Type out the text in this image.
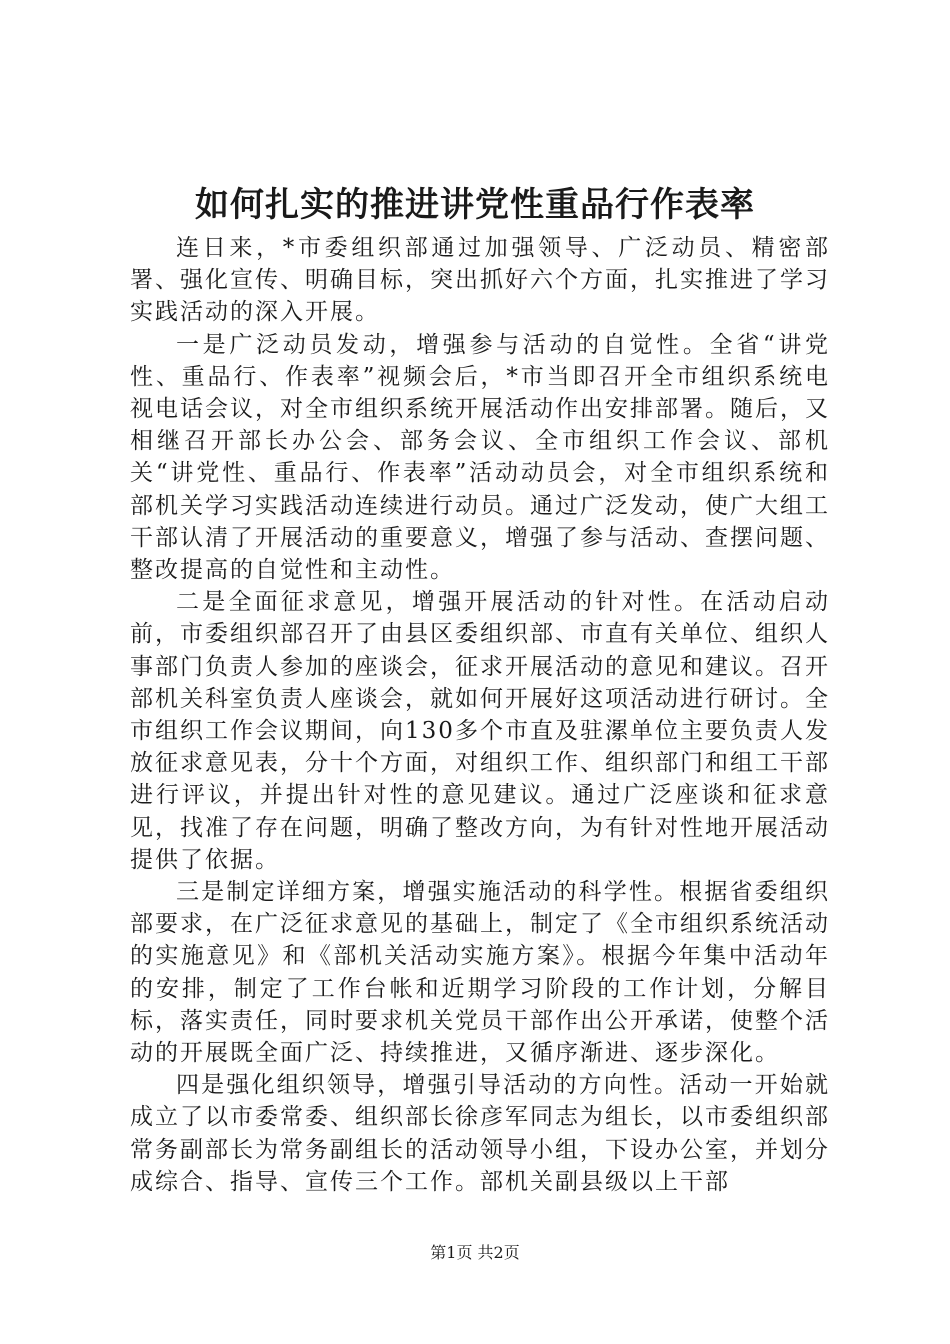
如何扎实的推进讲党性重品行作表率

连日来，*市委组织部通过加强领导、广泛动员、精密部署、强化宣传、明确目标，突出抓好六个方面，扎实推进了学习实践活动的深入开展。

一是广泛动员发动，增强参与活动的自觉性。全省“讲党性、重品行、作表率”视频会后，*市当即召开全市组织系统电视电话会议，对全市组织系统开展活动作出安排部署。随后，又相继召开部长办公会、部务会议、全市组织工作会议、部机关“讲党性、重品行、作表率”活动动员会，对全市组织系统和部机关学习实践活动连续进行动员。通过广泛发动，使广大组工干部认清了开展活动的重要意义，增强了参与活动、查摆问题、整改提高的自觉性和主动性。

二是全面征求意见，增强开展活动的针对性。在活动启动前，市委组织部召开了由县区委组织部、市直有关单位、组织人事部门负责人参加的座谈会，征求开展活动的意见和建议。召开部机关科室负责人座谈会，就如何开展好这项活动进行研讨。全市组织工作会议期间，向130多个市直及驻漯单位主要负责人发放征求意见表，分十个方面，对组织工作、组织部门和组工干部进行评议，并提出针对性的意见建议。通过广泛座谈和征求意见，找准了存在问题，明确了整改方向，为有针对性地开展活动提供了依据。

三是制定详细方案，增强实施活动的科学性。根据省委组织部要求，在广泛征求意见的基础上，制定了《全市组织系统活动的实施意见》和《部机关活动实施方案》。根据今年集中活动年的安排，制定了工作台帐和近期学习阶段的工作计划，分解目标，落实责任，同时要求机关党员干部作出公开承诺，使整个活动的开展既全面广泛、持续推进，又循序渐进、逐步深化。

四是强化组织领导，增强引导活动的方向性。活动一开始就成立了以市委常委、组织部长徐彦军同志为组长，以市委组织部常务副部长为常务副组长的活动领导小组，下设办公室，并划分成综合、指导、宣传三个工作。部机关副县级以上干部

第1页 共2页
